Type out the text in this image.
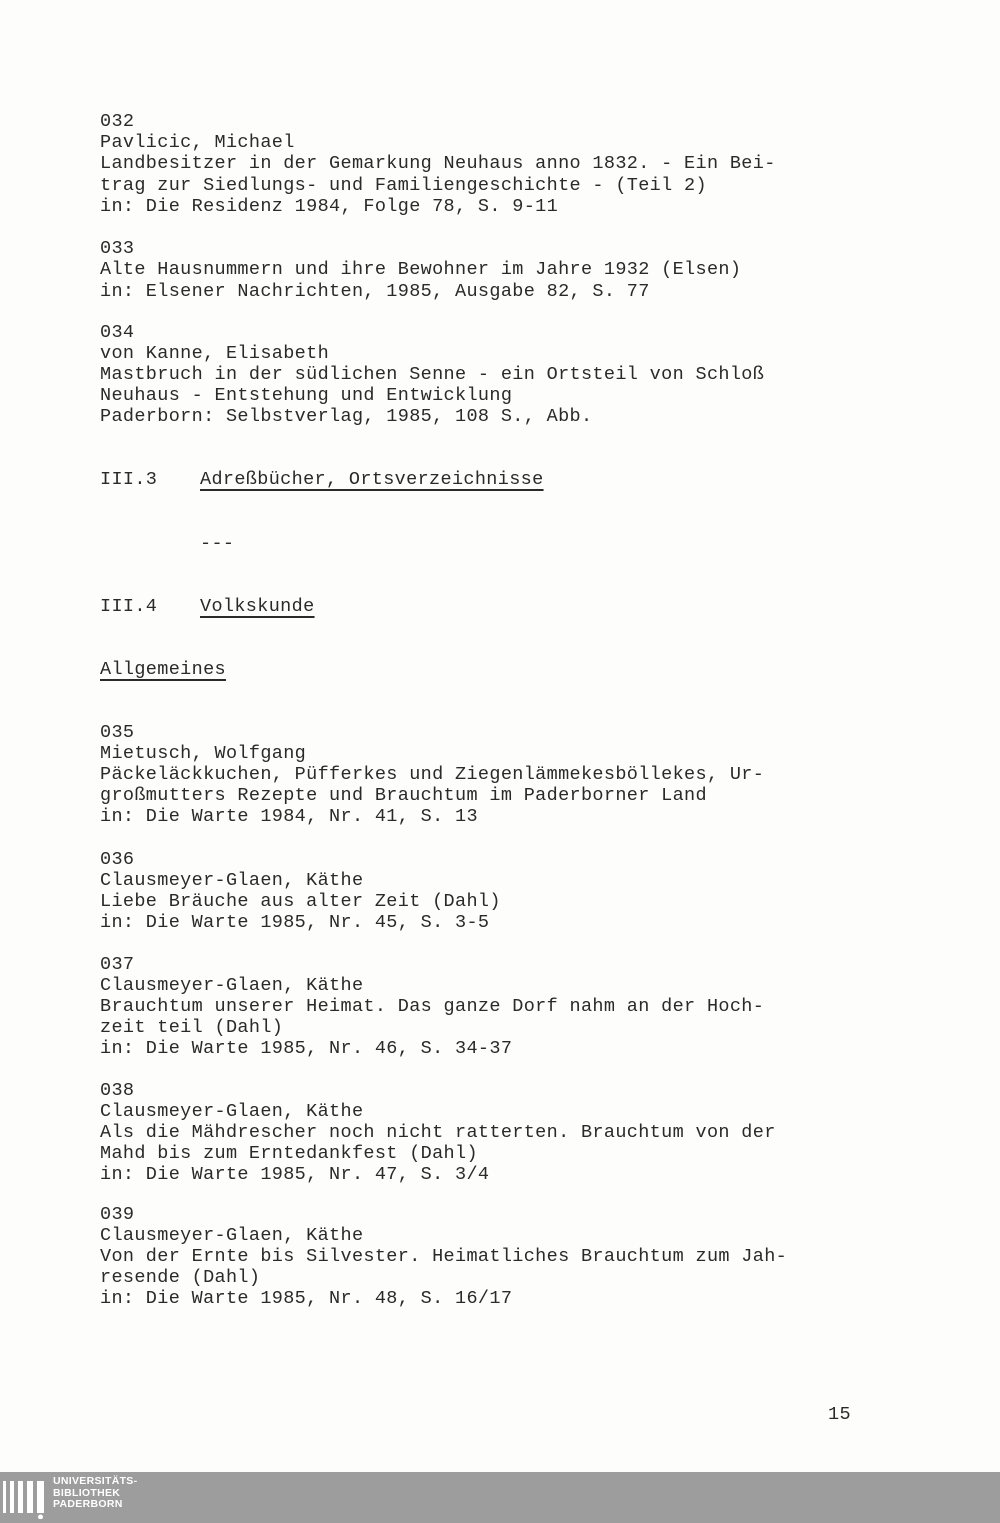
032
Pavlicic, Michael
Landbesitzer in der Gemarkung Neuhaus anno 1832. - Ein Bei-
trag zur Siedlungs- und Familiengeschichte - (Teil 2)
in: Die Residenz 1984, Folge 78, S. 9-11
033
Alte Hausnummern und ihre Bewohner im Jahre 1932 (Elsen)
in: Elsener Nachrichten, 1985, Ausgabe 82, S. 77
034
von Kanne, Elisabeth
Mastbruch in der südlichen Senne - ein Ortsteil von Schloß
Neuhaus - Entstehung und Entwicklung
Paderborn: Selbstverlag, 1985, 108 S., Abb.
III.3 Adreßbücher, Ortsverzeichnisse
---
III.4 Volkskunde
Allgemeines
035
Mietusch, Wolfgang
Päckeläckkuchen, Püfferkes und Ziegenlämmekesböllekes, Ur-
großmutters Rezepte und Brauchtum im Paderborner Land
in: Die Warte 1984, Nr. 41, S. 13
036
Clausmeyer-Glaen, Käthe
Liebe Bräuche aus alter Zeit (Dahl)
in: Die Warte 1985, Nr. 45, S. 3-5
037
Clausmeyer-Glaen, Käthe
Brauchtum unserer Heimat. Das ganze Dorf nahm an der Hoch-
zeit teil (Dahl)
in: Die Warte 1985, Nr. 46, S. 34-37
038
Clausmeyer-Glaen, Käthe
Als die Mähdrescher noch nicht ratterten. Brauchtum von der
Mahd bis zum Erntedankfest (Dahl)
in: Die Warte 1985, Nr. 47, S. 3/4
039
Clausmeyer-Glaen, Käthe
Von der Ernte bis Silvester. Heimatliches Brauchtum zum Jah-
resende (Dahl)
in: Die Warte 1985, Nr. 48, S. 16/17
15
UNIVERSITÄTS-
BIBLIOTHEK
PADERBORN
